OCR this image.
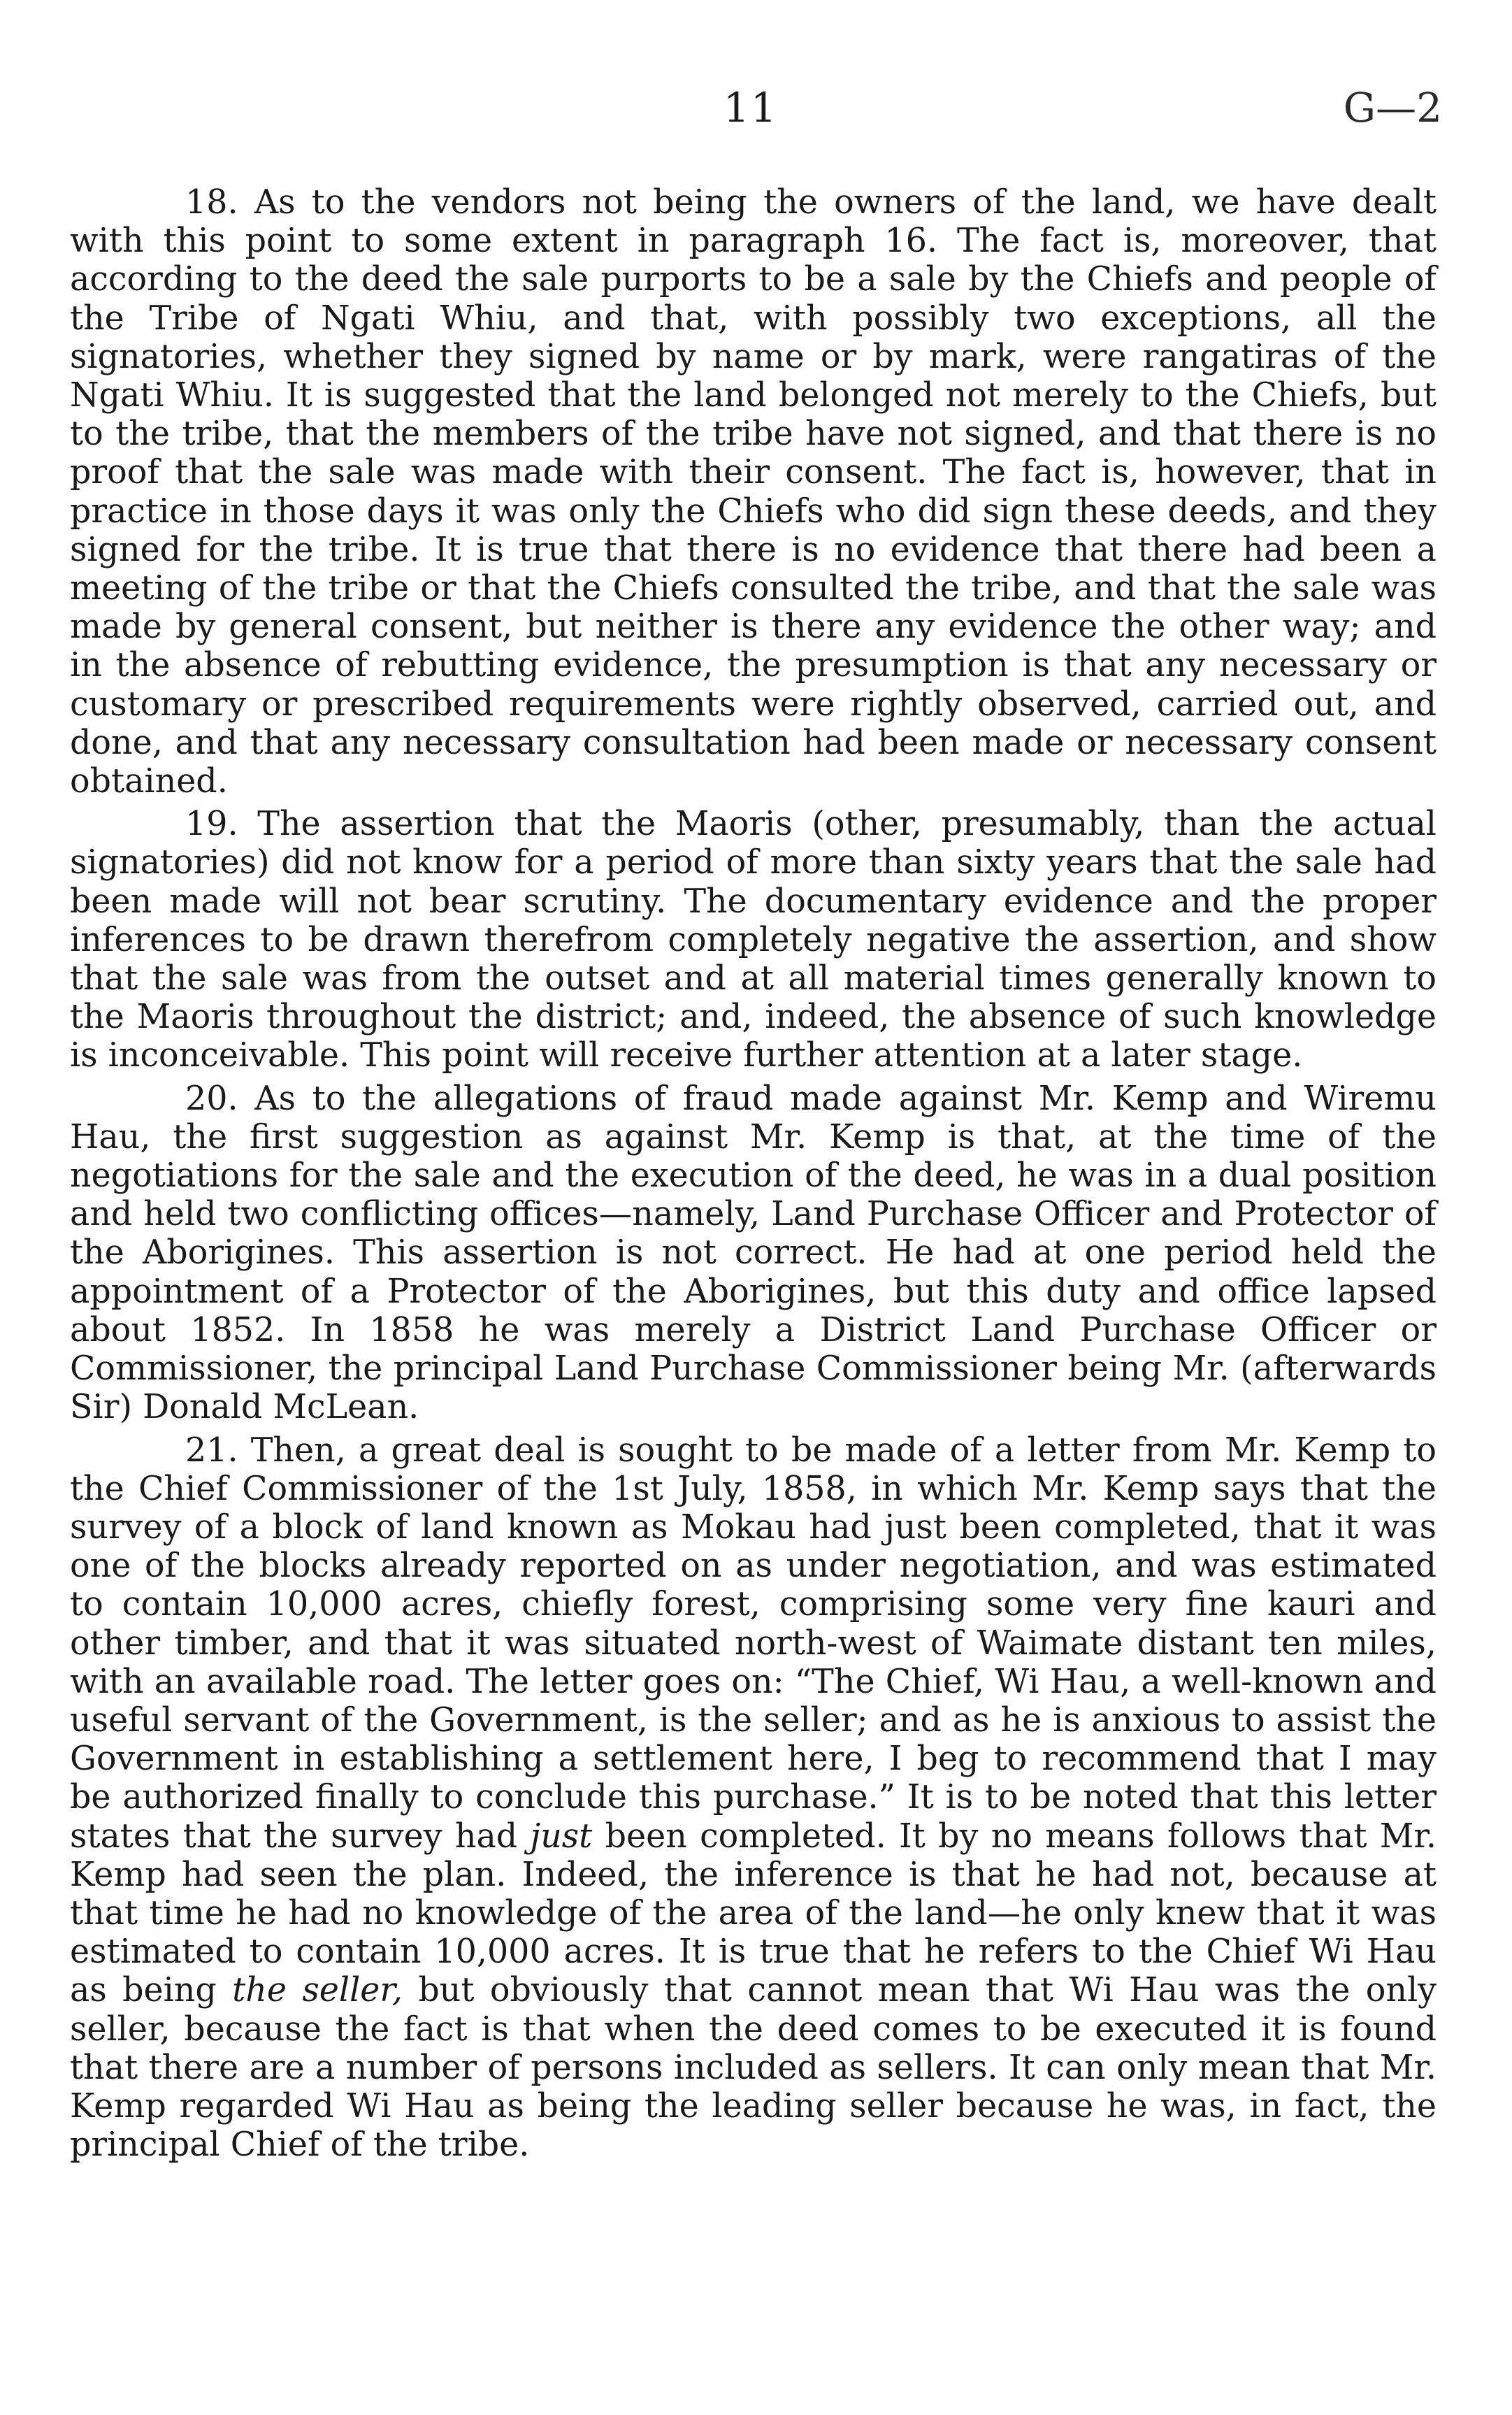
11	G—2

18. As to the vendors not being the owners of the land, we have dealt with this point to some extent in paragraph 16. The fact is, moreover, that according to the deed the sale purports to be a sale by the Chiefs and people of the Tribe of Ngati Whiu, and that, with possibly two exceptions, all the signatories, whether they signed by name or by mark, were rangatiras of the Ngati Whiu. It is suggested that the land belonged not merely to the Chiefs, but to the tribe, that the members of the tribe have not signed, and that there is no proof that the sale was made with their consent. The fact is, however, that in practice in those days it was only the Chiefs who did sign these deeds, and they signed for the tribe. It is true that there is no evidence that there had been a meeting of the tribe or that the Chiefs consulted the tribe, and that the sale was made by general consent, but neither is there any evidence the other way; and in the absence of rebutting evidence, the presumption is that any necessary or customary or prescribed requirements were rightly observed, carried out, and done, and that any necessary consultation had been made or necessary consent obtained.

19. The assertion that the Maoris (other, presumably, than the actual signatories) did not know for a period of more than sixty years that the sale had been made will not bear scrutiny. The documentary evidence and the proper inferences to be drawn therefrom completely negative the assertion, and show that the sale was from the outset and at all material times generally known to the Maoris throughout the district; and, indeed, the absence of such knowledge is inconceivable. This point will receive further attention at a later stage.

20. As to the allegations of fraud made against Mr. Kemp and Wiremu Hau, the first suggestion as against Mr. Kemp is that, at the time of the negotiations for the sale and the execution of the deed, he was in a dual position and held two conflicting offices—namely, Land Purchase Officer and Protector of the Aborigines. This assertion is not correct. He had at one period held the appointment of a Protector of the Aborigines, but this duty and office lapsed about 1852. In 1858 he was merely a District Land Purchase Officer or Commissioner, the principal Land Purchase Commissioner being Mr. (afterwards Sir) Donald McLean.

21. Then, a great deal is sought to be made of a letter from Mr. Kemp to the Chief Commissioner of the 1st July, 1858, in which Mr. Kemp says that the survey of a block of land known as Mokau had just been completed, that it was one of the blocks already reported on as under negotiation, and was estimated to contain 10,000 acres, chiefly forest, comprising some very fine kauri and other timber, and that it was situated north-west of Waimate distant ten miles, with an available road. The letter goes on: “The Chief, Wi Hau, a well-known and useful servant of the Government, is the seller; and as he is anxious to assist the Government in establishing a settlement here, I beg to recommend that I may be authorized finally to conclude this purchase.” It is to be noted that this letter states that the survey had just been completed. It by no means follows that Mr. Kemp had seen the plan. Indeed, the inference is that he had not, because at that time he had no knowledge of the area of the land—he only knew that it was estimated to contain 10,000 acres. It is true that he refers to the Chief Wi Hau as being the seller, but obviously that cannot mean that Wi Hau was the only seller, because the fact is that when the deed comes to be executed it is found that there are a number of persons included as sellers. It can only mean that Mr. Kemp regarded Wi Hau as being the leading seller because he was, in fact, the principal Chief of the tribe.
